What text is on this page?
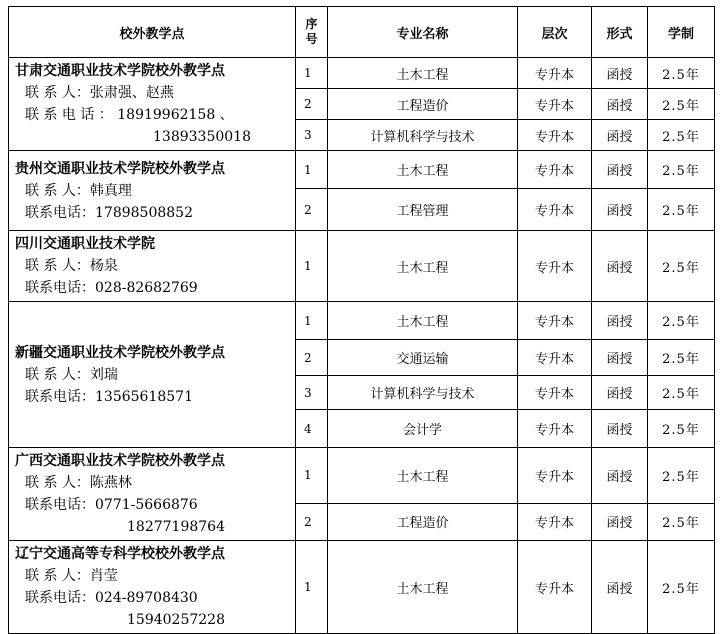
校外教学点	序
号	专业名称	层次	形式	学制

甘肃交通职业技术学院校外教学点
联 系 人：张肃强、赵燕
联 系 电 话 ： 18919962158 、
13893350018	1	土木工程	专升本	函授	2.5年
	2	工程造价	专升本	函授	2.5年
	3	计算机科学与技术	专升本	函授	2.5年

贵州交通职业技术学院校外教学点
联 系 人：韩真理
联系电话：17898508852	1	土木工程	专升本	函授	2.5年
	2	工程管理	专升本	函授	2.5年

四川交通职业技术学院
联 系 人：杨泉
联系电话：028-82682769	1	土木工程	专升本	函授	2.5年

新疆交通职业技术学院校外教学点
联 系 人：刘瑞
联系电话：13565618571	1	土木工程	专升本	函授	2.5年
	2	交通运输	专升本	函授	2.5年
	3	计算机科学与技术	专升本	函授	2.5年
	4	会计学	专升本	函授	2.5年

广西交通职业技术学院校外教学点
联 系 人：陈燕林
联系电话：0771-5666876
18277198764	1	土木工程	专升本	函授	2.5年
	2	工程造价	专升本	函授	2.5年

辽宁交通高等专科学校校外教学点
联 系 人：肖莹
联系电话：024-89708430
15940257228	1	土木工程	专升本	函授	2.5年
